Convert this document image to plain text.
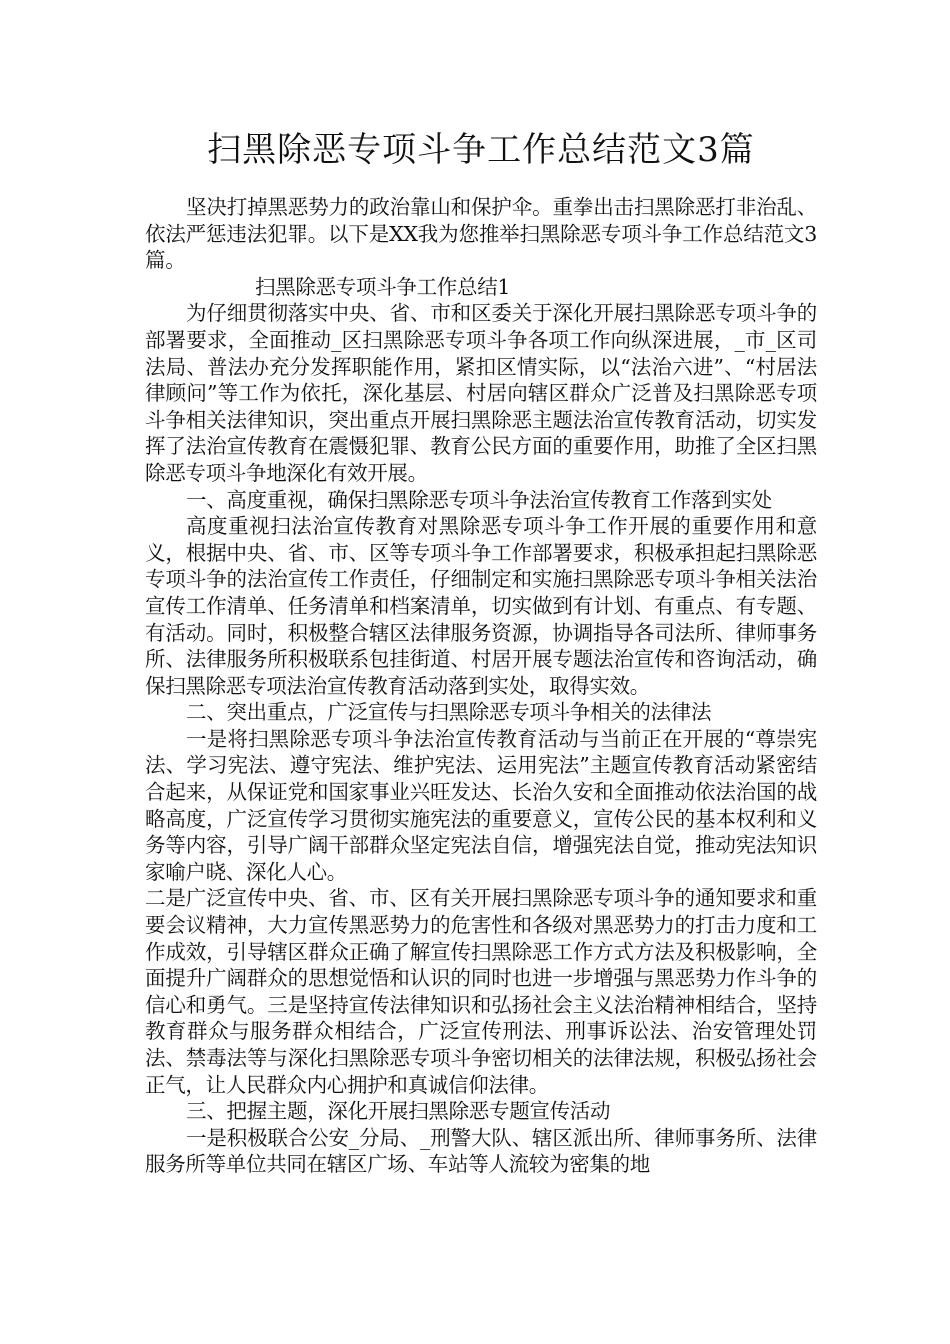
扫黑除恶专项斗争工作总结范文3篇

坚决打掉黑恶势力的政治靠山和保护伞。重拳出击扫黑除恶打非治乱、依法严惩违法犯罪。以下是XX我为您推举扫黑除恶专项斗争工作总结范文3篇。

扫黑除恶专项斗争工作总结1

为仔细贯彻落实中央、省、市和区委关于深化开展扫黑除恶专项斗争的部署要求，全面推动_区扫黑除恶专项斗争各项工作向纵深进展，_市_区司法局、普法办充分发挥职能作用，紧扣区情实际，以“法治六进”、“村居法律顾问”等工作为依托，深化基层、村居向辖区群众广泛普及扫黑除恶专项斗争相关法律知识，突出重点开展扫黑除恶主题法治宣传教育活动，切实发挥了法治宣传教育在震慑犯罪、教育公民方面的重要作用，助推了全区扫黑除恶专项斗争地深化有效开展。

一、高度重视，确保扫黑除恶专项斗争法治宣传教育工作落到实处

高度重视扫法治宣传教育对黑除恶专项斗争工作开展的重要作用和意义，根据中央、省、市、区等专项斗争工作部署要求，积极承担起扫黑除恶专项斗争的法治宣传工作责任，仔细制定和实施扫黑除恶专项斗争相关法治宣传工作清单、任务清单和档案清单，切实做到有计划、有重点、有专题、有活动。同时，积极整合辖区法律服务资源，协调指导各司法所、律师事务所、法律服务所积极联系包挂街道、村居开展专题法治宣传和咨询活动，确保扫黑除恶专项法治宣传教育活动落到实处，取得实效。

二、突出重点，广泛宣传与扫黑除恶专项斗争相关的法律法

一是将扫黑除恶专项斗争法治宣传教育活动与当前正在开展的“尊崇宪法、学习宪法、遵守宪法、维护宪法、运用宪法”主题宣传教育活动紧密结合起来，从保证党和国家事业兴旺发达、长治久安和全面推动依法治国的战略高度，广泛宣传学习贯彻实施宪法的重要意义，宣传公民的基本权利和义务等内容，引导广阔干部群众坚定宪法自信，增强宪法自觉，推动宪法知识家喻户晓、深化人心。

二是广泛宣传中央、省、市、区有关开展扫黑除恶专项斗争的通知要求和重要会议精神，大力宣传黑恶势力的危害性和各级对黑恶势力的打击力度和工作成效，引导辖区群众正确了解宣传扫黑除恶工作方式方法及积极影响，全面提升广阔群众的思想觉悟和认识的同时也进一步增强与黑恶势力作斗争的信心和勇气。三是坚持宣传法律知识和弘扬社会主义法治精神相结合，坚持教育群众与服务群众相结合，广泛宣传刑法、刑事诉讼法、治安管理处罚法、禁毒法等与深化扫黑除恶专项斗争密切相关的法律法规，积极弘扬社会正气，让人民群众内心拥护和真诚信仰法律。

三、把握主题，深化开展扫黑除恶专题宣传活动

一是积极联合公安_分局、_刑警大队、辖区派出所、律师事务所、法律服务所等单位共同在辖区广场、车站等人流较为密集的地
